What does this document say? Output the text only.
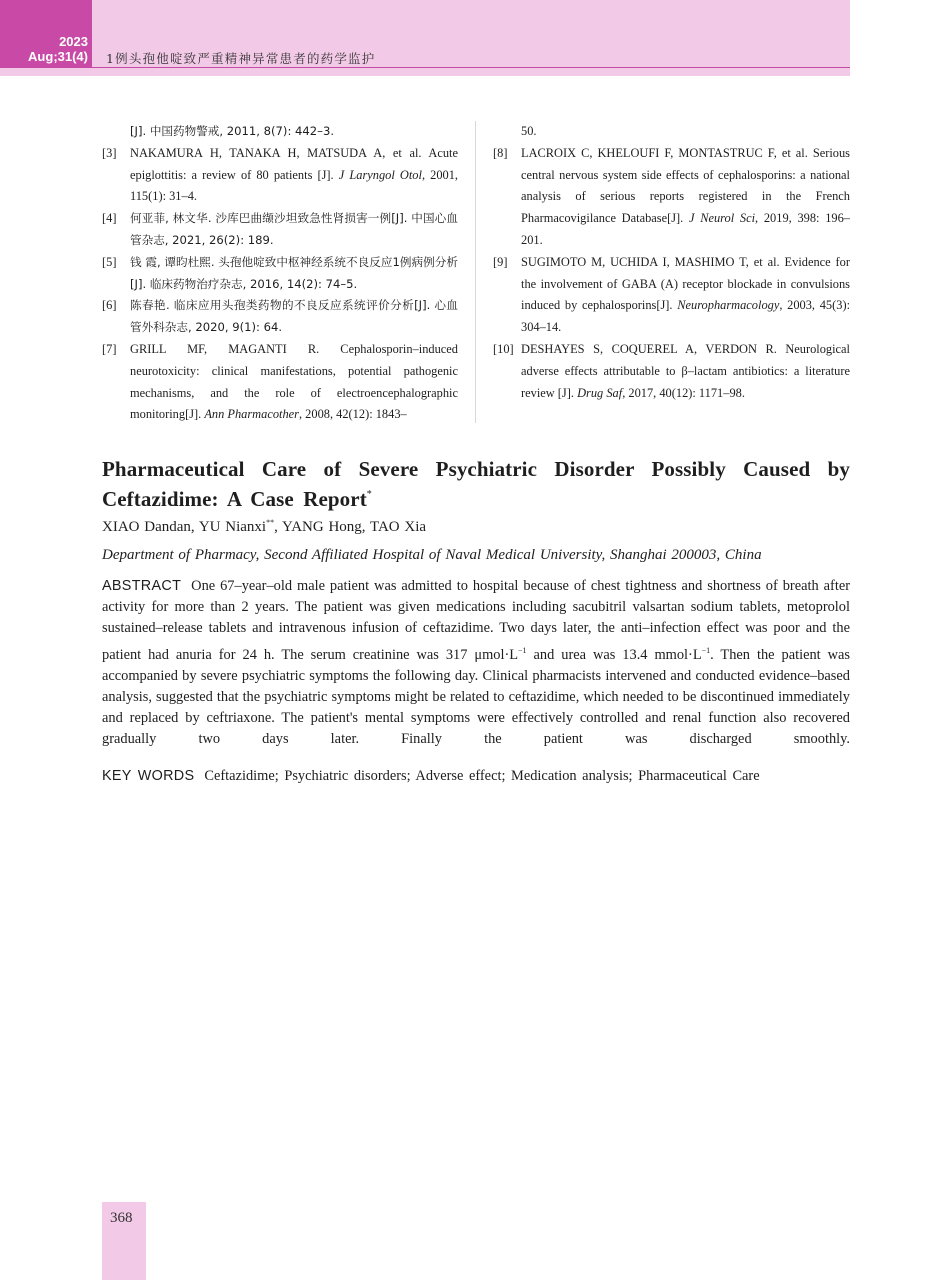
2023
Aug;31(4) 1例头孢他啶致严重精神异常患者的药学监护
[J]. 中国药物警戒, 2011, 8(7): 442–3.
[3] NAKAMURA H, TANAKA H, MATSUDA A, et al. Acute epiglottitis: a review of 80 patients [J]. J Laryngol Otol, 2001, 115(1): 31–4.
[4] 何亚菲, 林文华. 沙库巴曲缬沙坦致急性肾损害一例[J]. 中国心血管杂志, 2021, 26(2): 189.
[5] 钱 霞, 谭昀杜熙. 头孢他啶致中枢神经系统不良反应1例病例分析[J]. 临床药物治疗杂志, 2016, 14(2): 74–5.
[6] 陈春艳. 临床应用头孢类药物的不良反应系统评价分析[J]. 心血管外科杂志, 2020, 9(1): 64.
[7] GRILL MF, MAGANTI R. Cephalosporin–induced neurotoxicity: clinical manifestations, potential pathogenic mechanisms, and the role of electroencephalographic monitoring[J]. Ann Pharmacother, 2008, 42(12): 1843–
50.
[8] LACROIX C, KHELOUFI F, MONTASTRUC F, et al. Serious central nervous system side effects of cephalosporins: a national analysis of serious reports registered in the French Pharmacovigilance Database[J]. J Neurol Sci, 2019, 398: 196–201.
[9] SUGIMOTO M, UCHIDA I, MASHIMO T, et al. Evidence for the involvement of GABA (A) receptor blockade in convulsions induced by cephalosporins[J]. Neuropharmacology, 2003, 45(3): 304–14.
[10] DESHAYES S, COQUEREL A, VERDON R. Neurological adverse effects attributable to β–lactam antibiotics: a literature review [J]. Drug Saf, 2017, 40(12): 1171–98.
Pharmaceutical Care of Severe Psychiatric Disorder Possibly Caused by Ceftazidime: A Case Report*
XIAO Dandan, YU Nianxi**, YANG Hong, TAO Xia
Department of Pharmacy, Second Affiliated Hospital of Naval Medical University, Shanghai 200003, China
ABSTRACT One 67–year–old male patient was admitted to hospital because of chest tightness and shortness of breath after activity for more than 2 years. The patient was given medications including sacubitril valsartan sodium tablets, metoprolol sustained–release tablets and intravenous infusion of ceftazidime. Two days later, the anti–infection effect was poor and the patient had anuria for 24 h. The serum creatinine was 317 $\mu mol\cdot L^{-1}$ and urea was 13.4 $mmol\cdot L^{-1}$. Then the patient was accompanied by severe psychiatric symptoms the following day. Clinical pharmacists intervened and conducted evidence–based analysis, suggested that the psychiatric symptoms might be related to ceftazidime, which needed to be discontinued immediately and replaced by ceftriaxone. The patient's mental symptoms were effectively controlled and renal function also recovered gradually two days later. Finally the patient was discharged smoothly.
KEY WORDS Ceftazidime; Psychiatric disorders; Adverse effect; Medication analysis; Pharmaceutical Care
368
